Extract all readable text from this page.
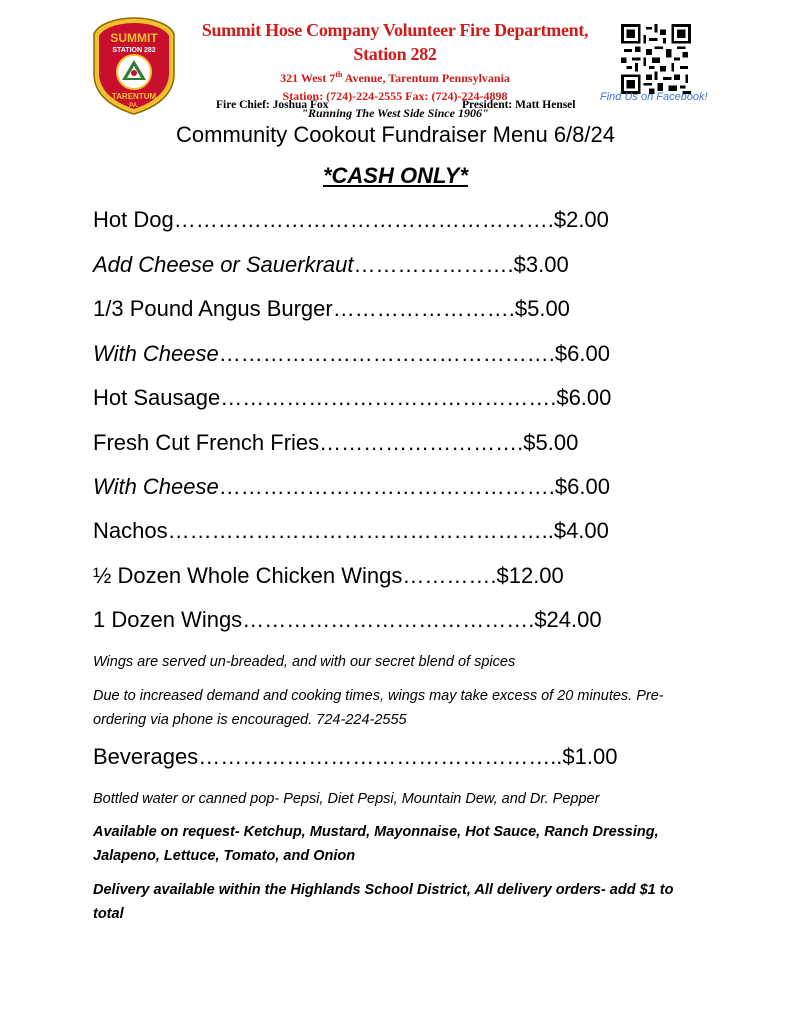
SUMMIT
STATION 282
TARENTUM
PA.
Summit Hose Company Volunteer Fire Department, Station 282
321 West 7th Avenue, Tarentum Pennsylvania
Station: (724)-224-2555 Fax: (724)-224-4898
"Running The West Side Since 1906"
Fire Chief: Joshua Fox	President: Matt Hensel
Find Us on Facebook!
Community Cookout Fundraiser Menu 6/8/24
*CASH ONLY*
Hot Dog…………………………………………….$2.00
Add Cheese or Sauerkraut………………….$3.00
1/3 Pound Angus Burger…………………….$5.00
With Cheese……………………………………….$6.00
Hot Sausage……………………………………….$6.00
Fresh Cut French Fries……………………….$5.00
With Cheese……………………………………….$6.00
Nachos……………………………………………..$4.00
½ Dozen Whole Chicken Wings………….$12.00
1 Dozen Wings………………………………….$24.00
Wings are served un-breaded, and with our secret blend of spices
Due to increased demand and cooking times, wings may take excess of 20 minutes. Pre-ordering via phone is encouraged. 724-224-2555
Beverages…………………………………………..$1.00
Bottled water or canned pop- Pepsi, Diet Pepsi, Mountain Dew, and Dr. Pepper
Available on request- Ketchup, Mustard, Mayonnaise, Hot Sauce, Ranch Dressing, Jalapeno, Lettuce, Tomato, and Onion
Delivery available within the Highlands School District, All delivery orders- add $1 to total
